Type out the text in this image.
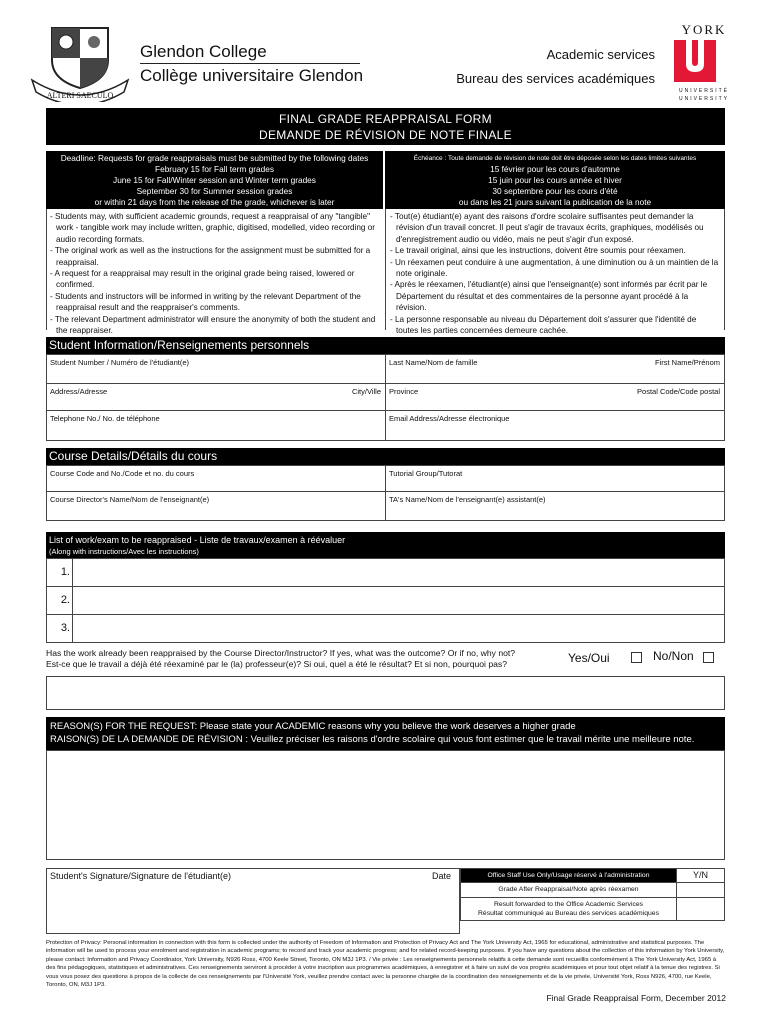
ALTERI SAECULO
Glendon College
Collège universitaire Glendon
Academic services
Bureau des services académiques
YORK
UNIVERSITÉ
UNIVERSITY
FINAL GRADE REAPPRAISAL FORM
DEMANDE DE RÉVISION DE NOTE FINALE
Deadline: Requests for grade reappraisals must be submitted by the following dates
February 15 for Fall term grades
June 15 for Fall/Winter session and Winter term grades
September 30 for Summer session grades
or within 21 days from the release of the grade, whichever is later
Échéance : Toute demande de révision de note doit être déposée selon les dates limites suivantes
15 février pour les cours d'automne
15 juin pour les cours année et hiver
30 septembre pour les cours d'été
ou dans les 21 jours suivant la publication de la note
- Students may, with sufficient academic grounds, request a reappraisal of any "tangible" work - tangible work may include written, graphic, digitised, modelled, video recording or audio recording formats.
- The original work as well as the instructions for the assignment must be submitted for a reappraisal.
- A request for a reappraisal may result in the original grade being raised, lowered or confirmed.
- Students and instructors will be informed in writing by the relevant Department of the reappraisal result and the reappraiser's comments.
- The relevant Department administrator will ensure the anonymity of both the student and the reappraiser.
- Tout(e) étudiant(e) ayant des raisons d'ordre scolaire suffisantes peut demander la révision d'un travail concret. Il peut s'agir de travaux écrits, graphiques, modélisés ou d'enregistrement audio ou vidéo, mais ne peut s'agir d'un exposé.
- Le travail original, ainsi que les instructions, doivent être soumis pour réexamen.
- Un réexamen peut conduire à une augmentation, à une diminution ou à un maintien de la note originale.
- Après le réexamen, l'étudiant(e) ainsi que l'enseignant(e) sont informés par écrit par le Département du résultat et des commentaires de la personne ayant procédé à la révision.
- La personne responsable au niveau du Département doit s'assurer que l'identité de toutes les parties concernées demeure cachée.
Student Information/Renseignements personnels
Student Number / Numéro de l'étudiant(e)	Last Name/Nom de famille	First Name/Prénom
Address/Adresse	City/Ville	Province	Postal Code/Code postal
Telephone No./ No. de téléphone	Email Address/Adresse électronique
Course Details/Détails du cours
Course Code and No./Code et no. du cours	Tutorial Group/Tutorat
Course Director's Name/Nom de l'enseignant(e)	TA's Name/Nom de l'enseignant(e) assistant(e)
List of work/exam to be reappraised - Liste de travaux/examen à réévaluer
(Along with instructions/Avec les instructions)
1.
2.
3.
Has the work already been reappraised by the Course Director/Instructor? If yes, what was the outcome? Or if no, why not?
Est-ce que le travail a déjà été réexaminé par le (la) professeur(e)? Si oui, quel a été le résultat? Et si non, pourquoi pas?	Yes/Oui	No/Non
REASON(S) FOR THE REQUEST: Please state your ACADEMIC reasons why you believe the work deserves a higher grade
RAISON(S) DE LA DEMANDE DE RÉVISION : Veuillez préciser les raisons d'ordre scolaire qui vous font estimer que le travail mérite une meilleure note.
Student's Signature/Signature de l'étudiant(e)	Date	Office Staff Use Only/Usage réservé à l'administration	Y/N
Grade After Reappraisal/Note après réexamen
Result forwarded to the Office Academic Services
Résultat communiqué au Bureau des services académiques
Protection of Privacy: Personal information in connection with this form is collected under the authority of Freedom of Information and Protection of Privacy Act and The York University Act, 1965 for educational, administrative and statistical purposes. The information will be used to process your enrolment and registration in academic programs; to record and track your academic progress; and for related record-keeping purposes. If you have any questions about the collection of this information by York University, please contact: Information and Privacy Coordinator, York University, N926 Ross, 4700 Keele Street, Toronto, ON M3J 1P3. / Vie privée : Les renseignements personnels relatifs à cette demande sont recueillis conformément à The York University Act, 1965 à des fins pédagogiques, statistiques et administratives. Ces renseignements serviront à procéder à votre inscription aux programmes académiques, à enregistrer et à faire un suivi de vos progrès académiques et pour tout objet relatif à la tenue des registres. Si vous vous posez des questions à propos de la collecte de ces renseignements par l'Université York, veuillez prendre contact avec la personne chargée de la coordination des renseignements et de la vie privée, Université York, Ross N926, 4700, rue Keele, Toronto, ON, M3J 1P3.
Final Grade Reappraisal Form, December 2012
